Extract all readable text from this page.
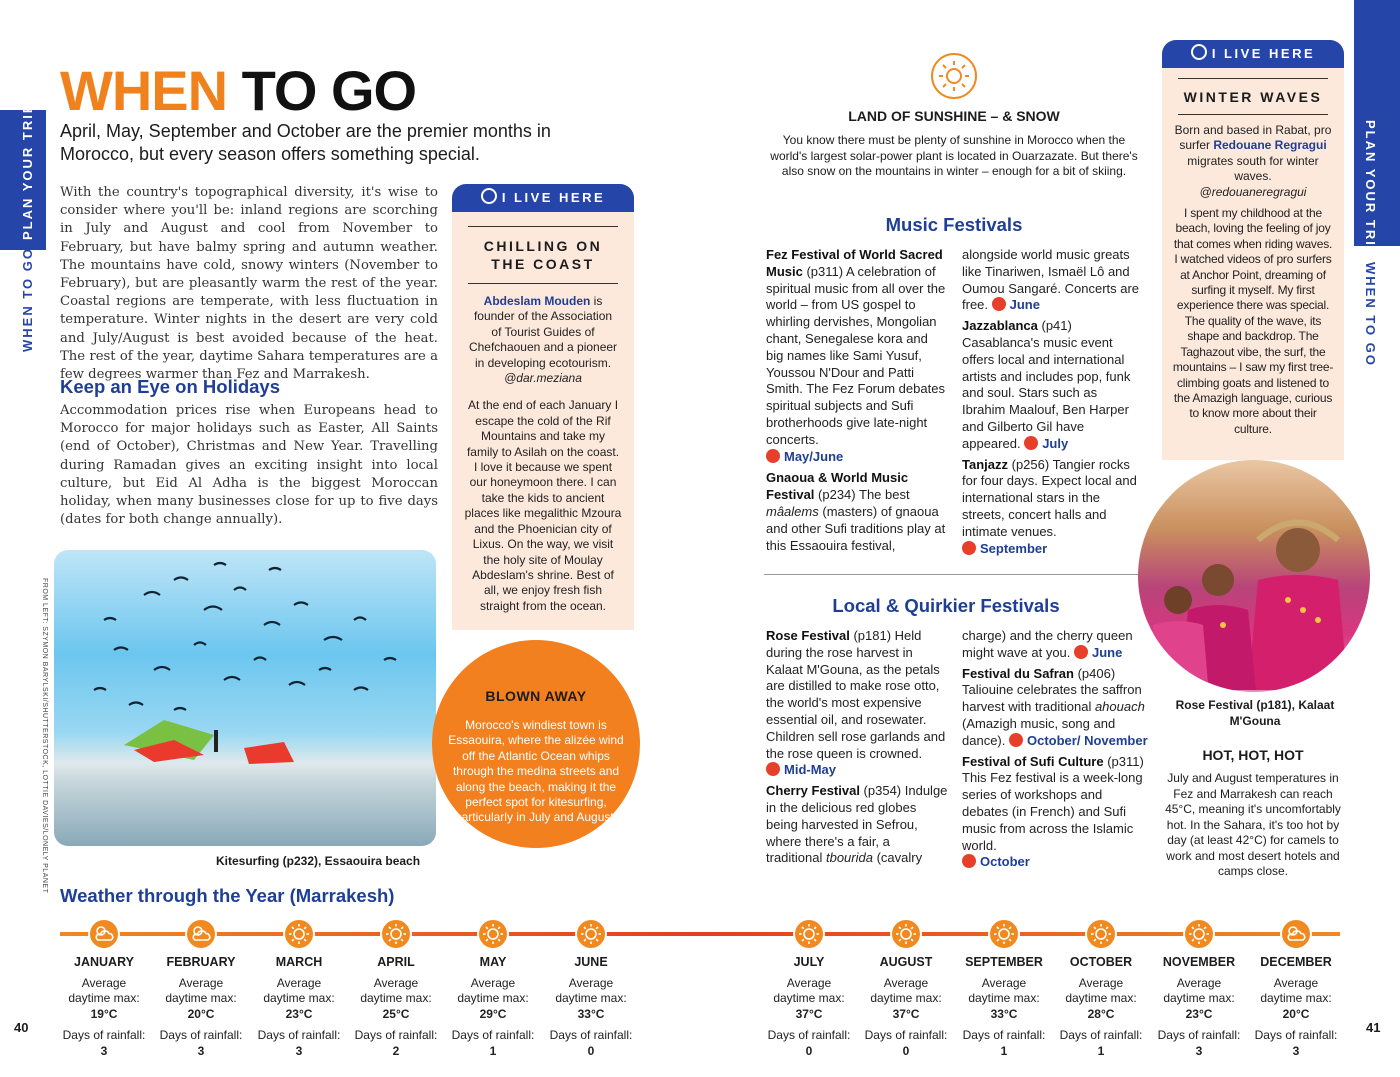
PLAN YOUR TRIP
WHEN TO GO
40
WHEN TO GO
April, May, September and October are the premier months in Morocco, but every season offers something special.
With the country's topographical diversity, it's wise to consider where you'll be: inland regions are scorching in July and August and cool from November to February, but have balmy spring and autumn weather. The mountains have cold, snowy winters (November to February), but are pleasantly warm the rest of the year. Coastal regions are temperate, with less fluctuation in temperature. Winter nights in the desert are very cold and July/August is best avoided because of the heat. The rest of the year, daytime Sahara temperatures are a few degrees warmer than Fez and Marrakesh.
Keep an Eye on Holidays
Accommodation prices rise when Europeans head to Morocco for major holidays such as Easter, All Saints (end of October), Christmas and New Year. Travelling during Ramadan gives an exciting insight into local culture, but Eid Al Adha is the biggest Moroccan holiday, when many businesses close for up to five days (dates for both change annually).
I LIVE HERE
CHILLING ON THE COAST
Abdeslam Mouden is founder of the Association of Tourist Guides of Chefchaouen and a pioneer in developing ecotourism.
@dar.meziana
At the end of each January I escape the cold of the Rif Mountains and take my family to Asilah on the coast. I love it because we spent our honeymoon there. I can take the kids to ancient places like megalithic Mzoura and the Phoenician city of Lixus. On the way, we visit the holy site of Moulay Abdeslam's shrine. Best of all, we enjoy fresh fish straight from the ocean.
FROM LEFT: SZYMON BARYLSKI/SHUTTERSTOCK, LOTTIE DAVIES/LONELY PLANET	Kitesurfing (p232), Essaouira beach
BLOWN AWAY
Morocco's windiest town is Essaouira, where the alizée wind off the Atlantic Ocean whips through the medina streets and along the beach, making it the perfect spot for kitesurfing, particularly in July and August.
Weather through the Year (Marrakesh)
PLAN YOUR TRIP
WHEN TO GO
41
LAND OF SUNSHINE – & SNOW
You know there must be plenty of sunshine in Morocco when the world's largest solar-power plant is located in Ouarzazate. But there's also snow on the mountains in winter – enough for a bit of skiing.
Music Festivals
Fez Festival of World Sacred Music (p311) A celebration of spiritual music from all over the world – from US gospel to whirling dervishes, Mongolian chant, Senegalese kora and big names like Sami Yusuf, Youssou N'Dour and Patti Smith. The Fez Forum debates spiritual subjects and Sufi brotherhoods give late-night concerts.
May/June
Gnaoua & World Music Festival (p234) The best mâalems (masters) of gnaoua and other Sufi traditions play at this Essaouira festival,
alongside world music greats like Tinariwen, Ismaël Lô and Oumou Sangaré. Concerts are free. June
Jazzablanca (p41) Casablanca's music event offers local and international artists and includes pop, funk and soul. Stars such as Ibrahim Maalouf, Ben Harper and Gilberto Gil have appeared. July
Tanjazz (p256) Tangier rocks for four days. Expect local and international stars in the streets, concert halls and intimate venues.
September
Local & Quirkier Festivals
Rose Festival (p181) Held during the rose harvest in Kalaat M'Gouna, as the petals are distilled to make rose otto, the world's most expensive essential oil, and rosewater. Children sell rose garlands and the rose queen is crowned.
Mid-May
Cherry Festival (p354) Indulge in the delicious red globes being harvested in Sefrou, where there's a fair, a traditional tbourida (cavalry
charge) and the cherry queen might wave at you. June
Festival du Safran (p406) Taliouine celebrates the saffron harvest with traditional ahouach (Amazigh music, song and dance). October/ November
Festival of Sufi Culture (p311) This Fez festival is a week-long series of workshops and debates (in French) and Sufi music from across the Islamic world.
October
I LIVE HERE
WINTER WAVES
Born and based in Rabat, pro surfer Redouane Regragui migrates south for winter waves.
@redouaneregragui
I spent my childhood at the beach, loving the feeling of joy that comes when riding waves. I watched videos of pro surfers at Anchor Point, dreaming of surfing it myself. My first experience there was special. The quality of the wave, its shape and backdrop. The Taghazout vibe, the surf, the mountains – I saw my first tree-climbing goats and listened to the Amazigh language, curious to know more about their culture.
Rose Festival (p181), Kalaat M'Gouna
HOT, HOT, HOT
July and August temperatures in Fez and Marrakesh can reach 45°C, meaning it's uncomfortably hot. In the Sahara, it's too hot by day (at least 42°C) for camels to work and most desert hotels and camps close.
JANUARY
Average daytime max:
19°C
Days of rainfall:
3
FEBRUARY
Average daytime max:
20°C
Days of rainfall:
3
MARCH
Average daytime max:
23°C
Days of rainfall:
3
APRIL
Average daytime max:
25°C
Days of rainfall:
2
MAY
Average daytime max:
29°C
Days of rainfall:
1
JUNE
Average daytime max:
33°C
Days of rainfall:
0
JULY
Average daytime max:
37°C
Days of rainfall:
0
AUGUST
Average daytime max:
37°C
Days of rainfall:
0
SEPTEMBER
Average daytime max:
33°C
Days of rainfall:
1
OCTOBER
Average daytime max:
28°C
Days of rainfall:
1
NOVEMBER
Average daytime max:
23°C
Days of rainfall:
3
DECEMBER
Average daytime max:
20°C
Days of rainfall:
3
